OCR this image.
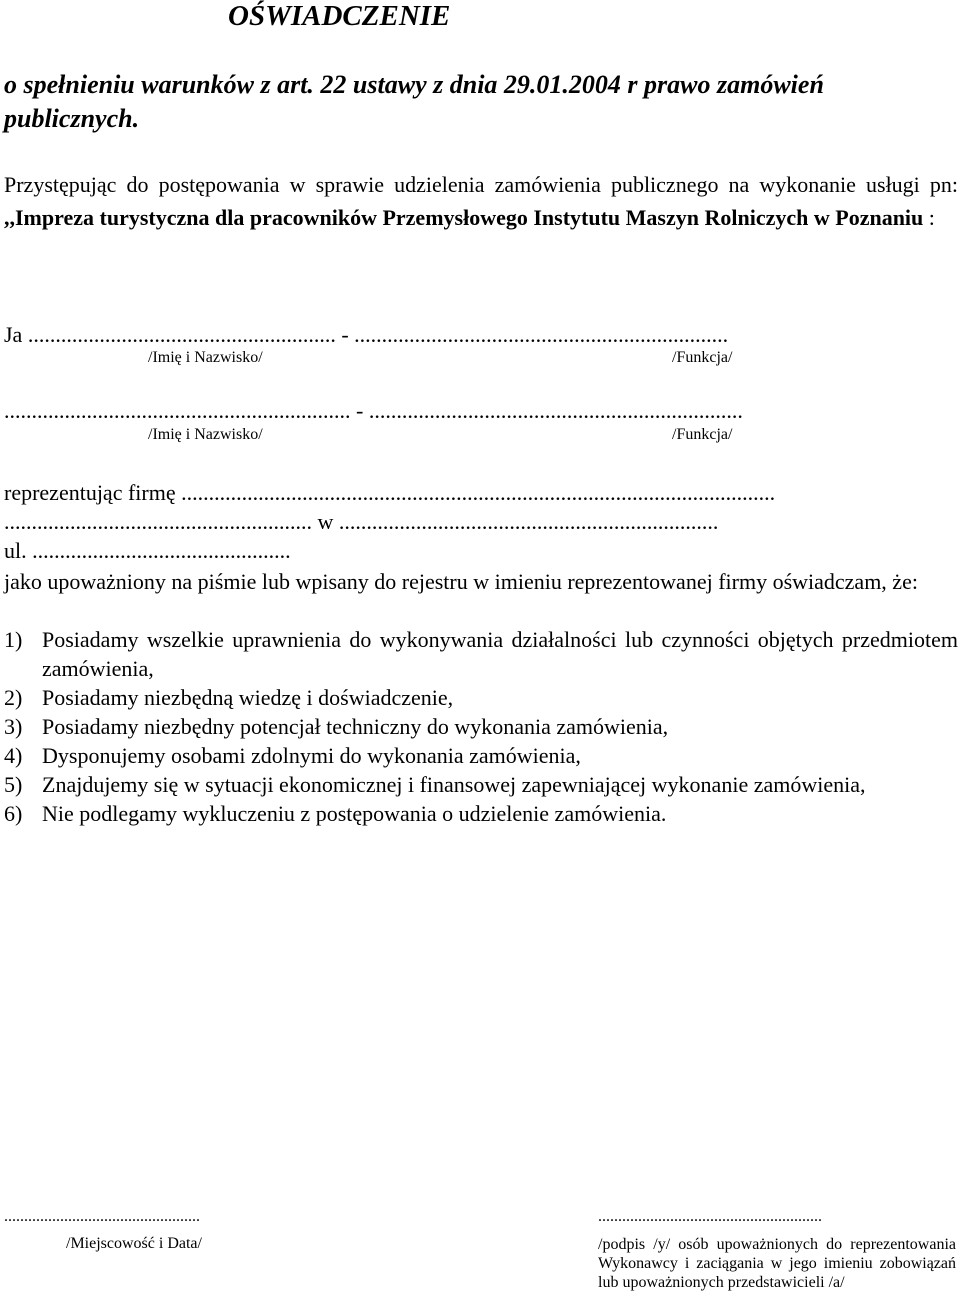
OŚWIADCZENIE
o spełnieniu warunków z art. 22 ustawy z dnia 29.01.2004 r prawo zamówień publicznych.
Przystępując do postępowania w sprawie udzielenia zamówienia publicznego na wykonanie usługi pn: ,,Impreza turystyczna dla pracowników Przemysłowego Instytutu Maszyn Rolniczych w Poznaniu :
Ja ........................................................ - ....................................................................
/Imię i Nazwisko/	/Funkcja/
............................................................... - ....................................................................
/Imię i Nazwisko/	/Funkcja/
reprezentując firmę ............................................................................................................
........................................................ w .....................................................................
ul. ...............................................
jako upoważniony na piśmie lub wpisany do rejestru w imieniu reprezentowanej firmy oświadczam, że:
1) Posiadamy wszelkie uprawnienia do wykonywania działalności lub czynności objętych przedmiotem zamówienia,
2) Posiadamy niezbędną wiedzę i doświadczenie,
3) Posiadamy niezbędny potencjał techniczny do wykonania zamówienia,
4) Dysponujemy osobami zdolnymi do wykonania zamówienia,
5) Znajdujemy się w sytuacji ekonomicznej i finansowej zapewniającej wykonanie zamówienia,
6) Nie podlegamy wykluczeniu z postępowania o udzielenie zamówienia.
.................................................
/Miejscowość i Data/
........................................................
/podpis /y/ osób upoważnionych do reprezentowania Wykonawcy i zaciągania w jego imieniu zobowiązań lub upoważnionych przedstawicieli /a/
